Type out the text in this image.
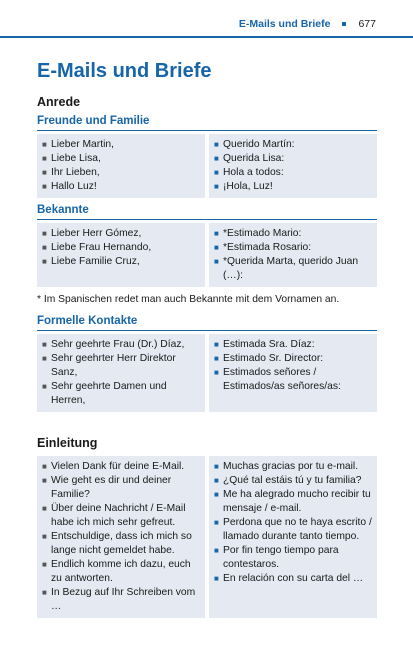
E-Mails und Briefe	677
E-Mails und Briefe
Anrede
Freunde und Familie
■ Lieber Martin,
■ Liebe Lisa,
■ Ihr Lieben,
■ Hallo Luz!
■ Querido Martín:
■ Querida Lisa:
■ Hola a todos:
■ ¡Hola, Luz!
Bekannte
■ Lieber Herr Gómez,
■ Liebe Frau Hernando,
■ Liebe Familie Cruz,
■ *Estimado Mario:
■ *Estimada Rosario:
■ *Querida Marta, querido Juan (…):
* Im Spanischen redet man auch Bekannte mit dem Vornamen an.
Formelle Kontakte
■ Sehr geehrte Frau (Dr.) Díaz,
■ Sehr geehrter Herr Direktor Sanz,
■ Sehr geehrte Damen und Herren,
■ Estimada Sra. Díaz:
■ Estimado Sr. Director:
■ Estimados señores / Estimados/as señores/as:
Einleitung
■ Vielen Dank für deine E-Mail.
■ Wie geht es dir und deiner Familie?
■ Über deine Nachricht / E-Mail habe ich mich sehr gefreut.
■ Entschuldige, dass ich mich so lange nicht gemeldet habe.
■ Endlich komme ich dazu, euch zu antworten.
■ In Bezug auf Ihr Schreiben vom …
■ Muchas gracias por tu e-mail.
■ ¿Qué tal estáis tú y tu familia?
■ Me ha alegrado mucho recibir tu mensaje / e-mail.
■ Perdona que no te haya escrito / llamado durante tanto tiempo.
■ Por fin tengo tiempo para contestaros.
■ En relación con su carta del …
